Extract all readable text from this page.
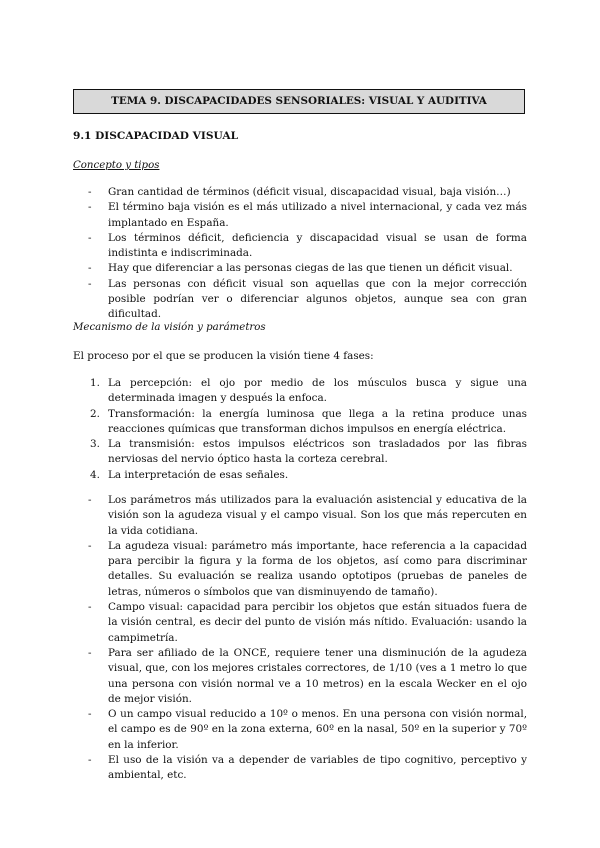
TEMA 9. DISCAPACIDADES SENSORIALES: VISUAL Y AUDITIVA
9.1 DISCAPACIDAD VISUAL
Concepto y tipos
- Gran cantidad de términos (déficit visual, discapacidad visual, baja visión…)
- El término baja visión es el más utilizado a nivel internacional, y cada vez más implantado en España.
- Los términos déficit, deficiencia y discapacidad visual se usan de forma indistinta e indiscriminada.
- Hay que diferenciar a las personas ciegas de las que tienen un déficit visual.
- Las personas con déficit visual son aquellas que con la mejor corrección posible podrían ver o diferenciar algunos objetos, aunque sea con gran dificultad.
Mecanismo de la visión y parámetros
El proceso por el que se producen la visión tiene 4 fases:
1. La percepción: el ojo por medio de los músculos busca y sigue una determinada imagen y después la enfoca.
2. Transformación: la energía luminosa que llega a la retina produce unas reacciones químicas que transforman dichos impulsos en energía eléctrica.
3. La transmisión: estos impulsos eléctricos son trasladados por las fibras nerviosas del nervio óptico hasta la corteza cerebral.
4. La interpretación de esas señales.
- Los parámetros más utilizados para la evaluación asistencial y educativa de la visión son la agudeza visual y el campo visual. Son los que más repercuten en la vida cotidiana.
- La agudeza visual: parámetro más importante, hace referencia a la capacidad para percibir la figura y la forma de los objetos, así como para discriminar detalles. Su evaluación se realiza usando optotipos (pruebas de paneles de letras, números o símbolos que van disminuyendo de tamaño).
- Campo visual: capacidad para percibir los objetos que están situados fuera de la visión central, es decir del punto de visión más nítido. Evaluación: usando la campimetría.
- Para ser afiliado de la ONCE, requiere tener una disminución de la agudeza visual, que, con los mejores cristales correctores, de 1/10 (ves a 1 metro lo que una persona con visión normal ve a 10 metros) en la escala Wecker en el ojo de mejor visión.
- O un campo visual reducido a 10º o menos. En una persona con visión normal, el campo es de 90º en la zona externa, 60º en la nasal, 50º en la superior y 70º en la inferior.
- El uso de la visión va a depender de variables de tipo cognitivo, perceptivo y ambiental, etc.
